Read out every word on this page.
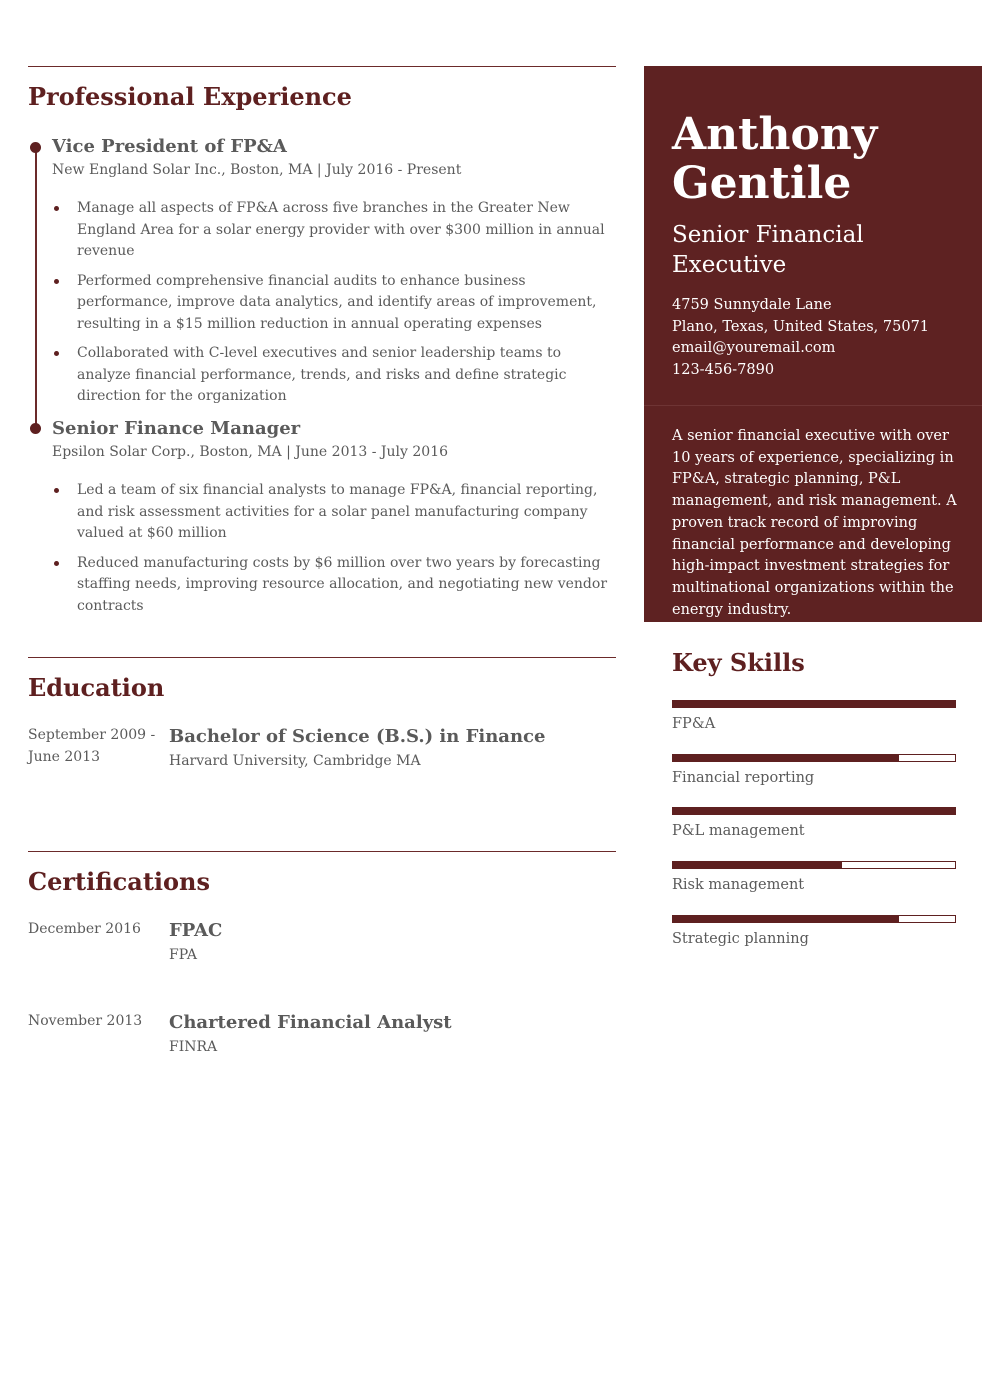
Professional Experience
Vice President of FP&A
New England Solar Inc., Boston, MA | July 2016 - Present
Manage all aspects of FP&A across five branches in the Greater New England Area for a solar energy provider with over $300 million in annual revenue
Performed comprehensive financial audits to enhance business performance, improve data analytics, and identify areas of improvement, resulting in a $15 million reduction in annual operating expenses
Collaborated with C-level executives and senior leadership teams to analyze financial performance, trends, and risks and define strategic direction for the organization
Senior Finance Manager
Epsilon Solar Corp., Boston, MA | June 2013 - July 2016
Led a team of six financial analysts to manage FP&A, financial reporting, and risk assessment activities for a solar panel manufacturing company valued at $60 million
Reduced manufacturing costs by $6 million over two years by forecasting staffing needs, improving resource allocation, and negotiating new vendor contracts
Education
September 2009 - June 2013
Bachelor of Science (B.S.) in Finance
Harvard University, Cambridge MA
Certifications
December 2016	FPAC
FPA
November 2013	Chartered Financial Analyst
FINRA
Anthony
Gentile
Senior Financial
Executive
4759 Sunnydale Lane
Plano, Texas, United States, 75071
email@youremail.com
123-456-7890
A senior financial executive with over 10 years of experience, specializing in FP&A, strategic planning, P&L management, and risk management. A proven track record of improving financial performance and developing high-impact investment strategies for multinational organizations within the energy industry.
Key Skills
FP&A
Financial reporting
P&L management
Risk management
Strategic planning
